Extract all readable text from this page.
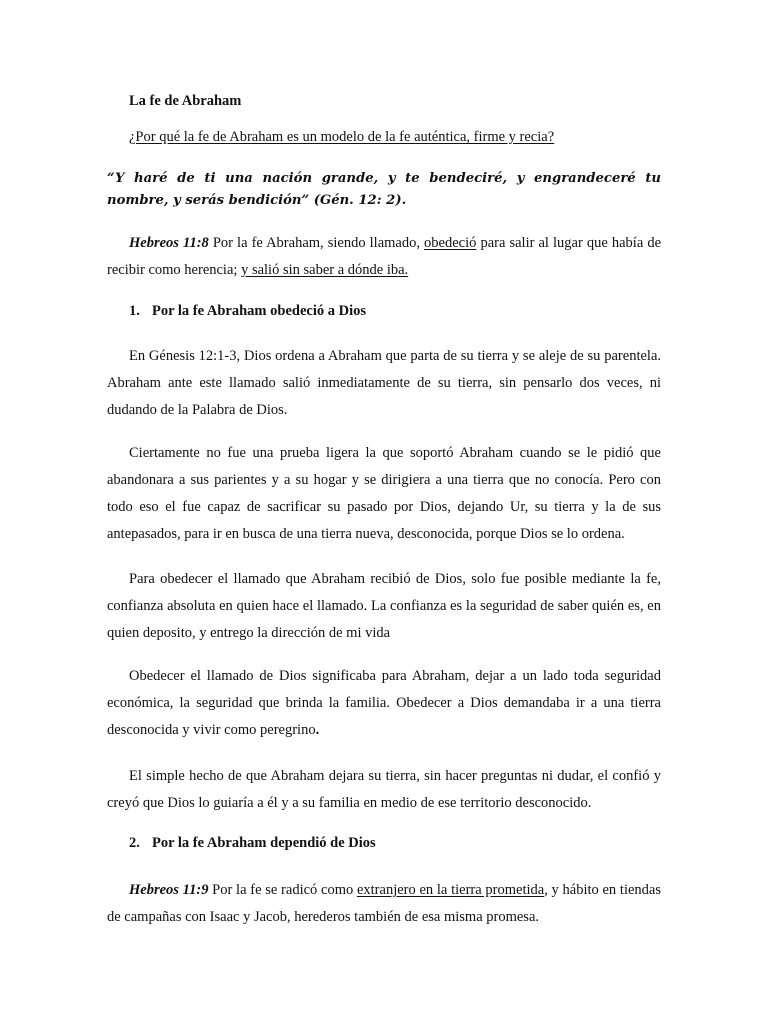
La fe de Abraham

¿Por qué la fe de Abraham es un modelo de la fe auténtica, firme y recia?

“Y haré de ti una nación grande, y te bendeciré, y engrandeceré tu nombre, y serás bendición” (Gén. 12: 2).

Hebreos 11:8 Por la fe Abraham, siendo llamado, obedeció para salir al lugar que había de recibir como herencia; y salió sin saber a dónde iba.

1. Por la fe Abraham obedeció a Dios

En Génesis 12:1-3, Dios ordena a Abraham que parta de su tierra y se aleje de su parentela. Abraham ante este llamado salió inmediatamente de su tierra, sin pensarlo dos veces, ni dudando de la Palabra de Dios.

Ciertamente no fue una prueba ligera la que soportó Abraham cuando se le pidió que abandonara a sus parientes y a su hogar y se dirigiera a una tierra que no conocía. Pero con todo eso el fue capaz de sacrificar su pasado por Dios, dejando Ur, su tierra y la de sus antepasados, para ir en busca de una tierra nueva, desconocida, porque Dios se lo ordena.

Para obedecer el llamado que Abraham recibió de Dios, solo fue posible mediante la fe, confianza absoluta en quien hace el llamado. La confianza es la seguridad de saber quién es, en quien deposito, y entrego la dirección de mi vida

Obedecer el llamado de Dios significaba para Abraham, dejar a un lado toda seguridad económica, la seguridad que brinda la familia. Obedecer a Dios demandaba ir a una tierra desconocida y vivir como peregrino.

El simple hecho de que Abraham dejara su tierra, sin hacer preguntas ni dudar, el confió y creyó que Dios lo guiaría a él y a su familia en medio de ese territorio desconocido.

2. Por la fe Abraham dependió de Dios

Hebreos 11:9 Por la fe se radicó como extranjero en la tierra prometida, y hábito en tiendas de campañas con Isaac y Jacob, herederos también de esa misma promesa.
